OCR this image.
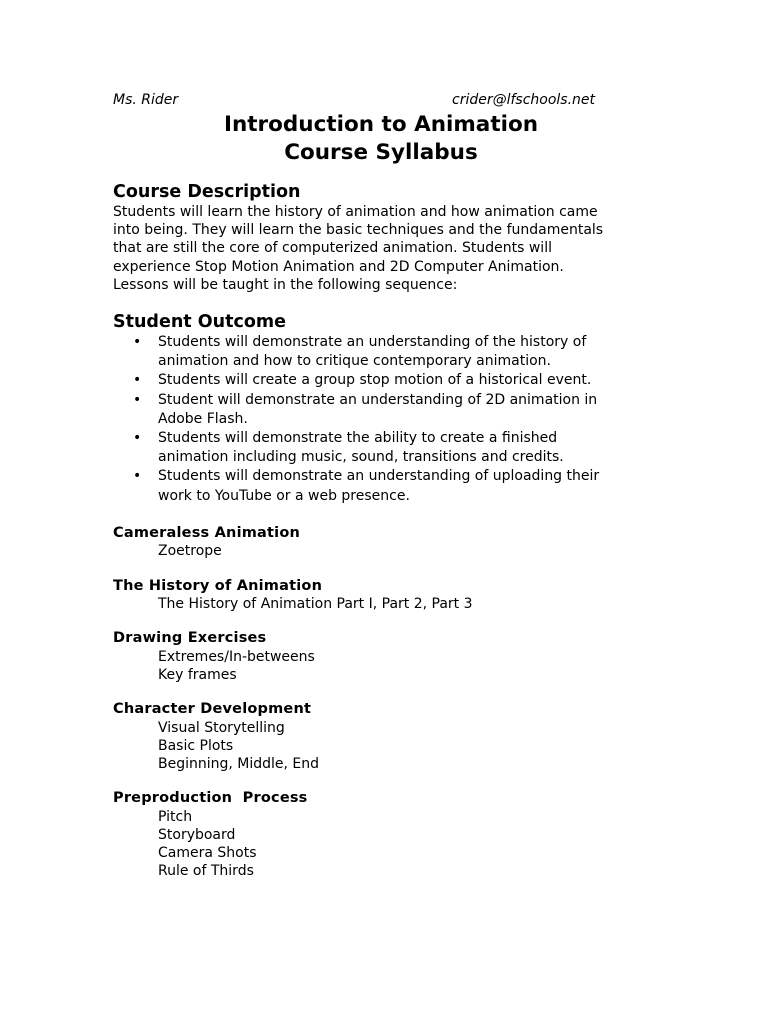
Ms. Rider	crider@lfschools.net
Introduction to Animation
Course Syllabus
Course Description

Students will learn the history of animation and how animation came
into being. They will learn the basic techniques and the fundamentals
that are still the core of computerized animation. Students will
experience Stop Motion Animation and 2D Computer Animation.
Lessons will be taught in the following sequence:

Student Outcome
• Students will demonstrate an understanding of the history of
animation and how to critique contemporary animation.
• Students will create a group stop motion of a historical event.
• Student will demonstrate an understanding of 2D animation in
Adobe Flash.
• Students will demonstrate the ability to create a finished
animation including music, sound, transitions and credits.
• Students will demonstrate an understanding of uploading their
work to YouTube or a web presence.
Cameraless Animation
Zoetrope
The History of Animation
The History of Animation Part I, Part 2, Part 3
Drawing Exercises
Extremes/In-betweens
Key frames
Character Development
Visual Storytelling
Basic Plots
Beginning, Middle, End
Preproduction  Process
Pitch
Storyboard
Camera Shots
Rule of Thirds
